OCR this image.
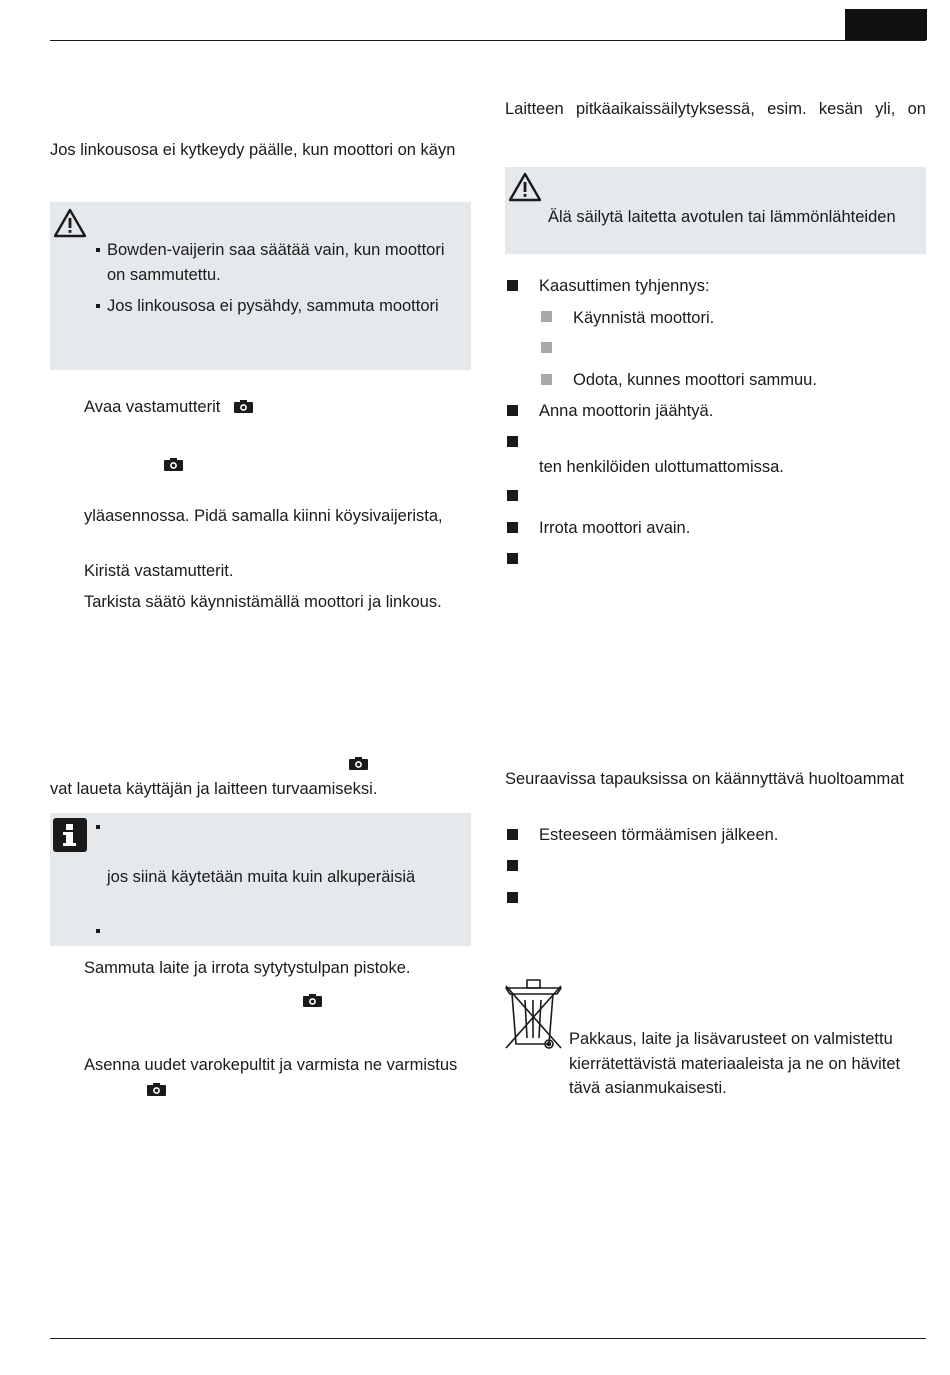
Jos linkousosa ei kytkeydy päälle, kun moottori on käyn
Bowden-vaijerin saa säätää vain, kun moottori
on sammutettu.
Jos linkousosa ei pysähdy, sammuta moottori
Avaa vastamutterit
yläasennossa. Pidä samalla kiinni köysivaijerista,
Kiristä vastamutterit.
Tarkista säätö käynnistämällä moottori ja linkous.
vat laueta käyttäjän ja laitteen turvaamiseksi.
jos siinä käytetään muita kuin alkuperäisiä
Sammuta laite ja irrota sytytystulpan pistoke.
Asenna uudet varokepultit ja varmista ne varmistus
Laitteen pitkäaikaissäilytyksessä, esim. kesän yli, on
Älä säilytä laitetta avotulen tai lämmönlähteiden
Kaasuttimen tyhjennys:
Käynnistä moottori.
Odota, kunnes moottori sammuu.
Anna moottorin jäähtyä.
ten henkilöiden ulottumattomissa.
Irrota moottori avain.
Seuraavissa tapauksissa on käännyttävä huoltoammat
Esteeseen törmäämisen jälkeen.
Pakkaus, laite ja lisävarusteet on valmistettu
kierrätettävistä materiaaleista ja ne on hävitet
tävä asianmukaisesti.
